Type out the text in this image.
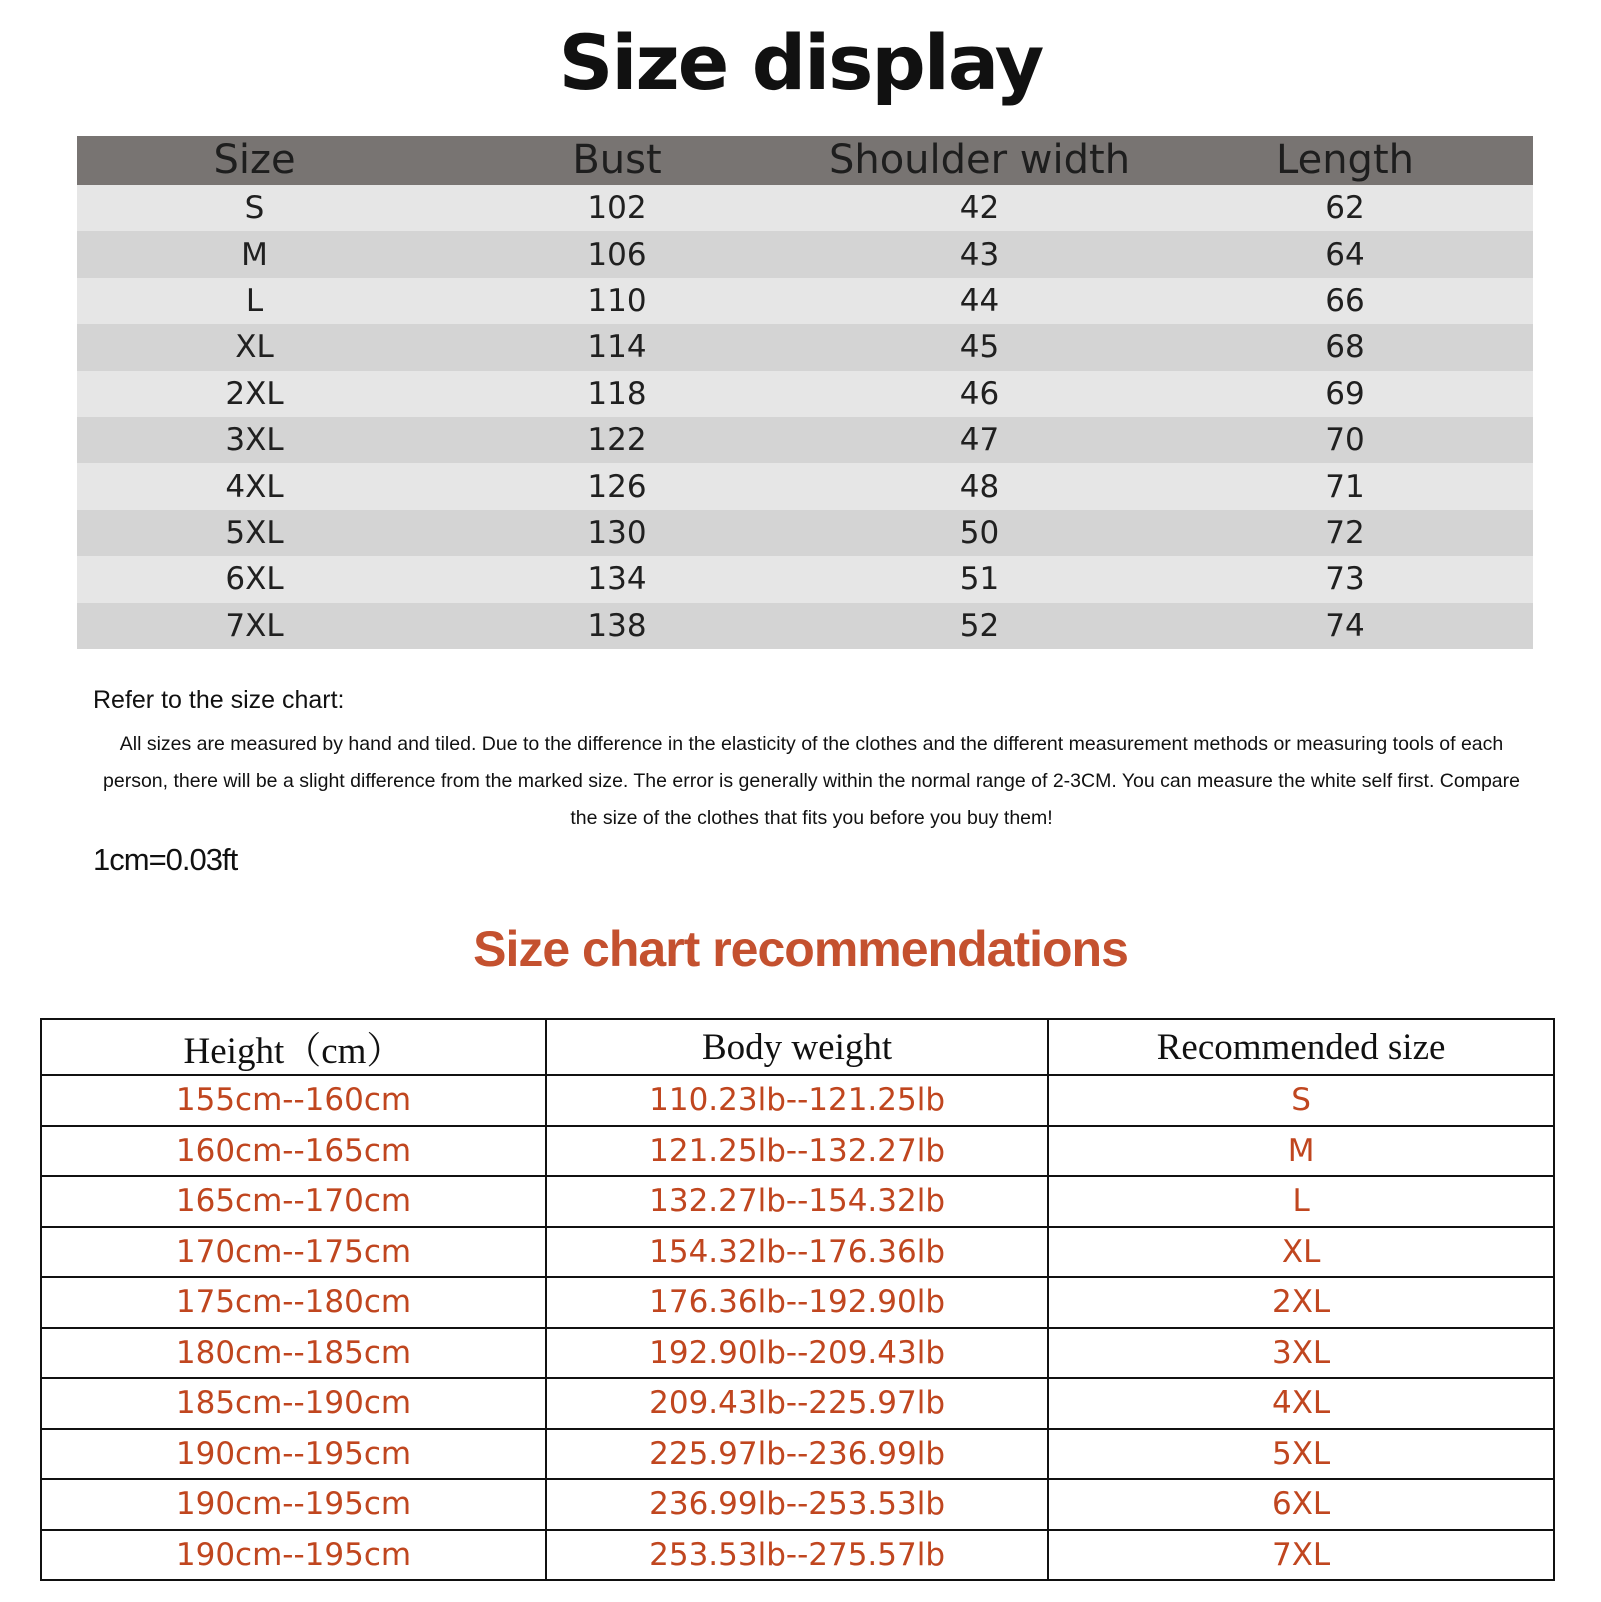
Size display
Size	Bust	Shoulder width	Length
S	102	42	62
M	106	43	64
L	110	44	66
XL	114	45	68
2XL	118	46	69
3XL	122	47	70
4XL	126	48	71
5XL	130	50	72
6XL	134	51	73
7XL	138	52	74
Refer to the size chart:
All sizes are measured by hand and tiled. Due to the difference in the elasticity of the clothes and the different measurement methods or measuring tools of each person, there will be a slight difference from the marked size. The error is generally within the normal range of 2-3CM. You can measure the white self first. Compare the size of the clothes that fits you before you buy them!
1cm=0.03ft
Size chart recommendations
Height（cm）	Body weight	Recommended size
155cm--160cm	110.23lb--121.25lb	S
160cm--165cm	121.25lb--132.27lb	M
165cm--170cm	132.27lb--154.32lb	L
170cm--175cm	154.32lb--176.36lb	XL
175cm--180cm	176.36lb--192.90lb	2XL
180cm--185cm	192.90lb--209.43lb	3XL
185cm--190cm	209.43lb--225.97lb	4XL
190cm--195cm	225.97lb--236.99lb	5XL
190cm--195cm	236.99lb--253.53lb	6XL
190cm--195cm	253.53lb--275.57lb	7XL
